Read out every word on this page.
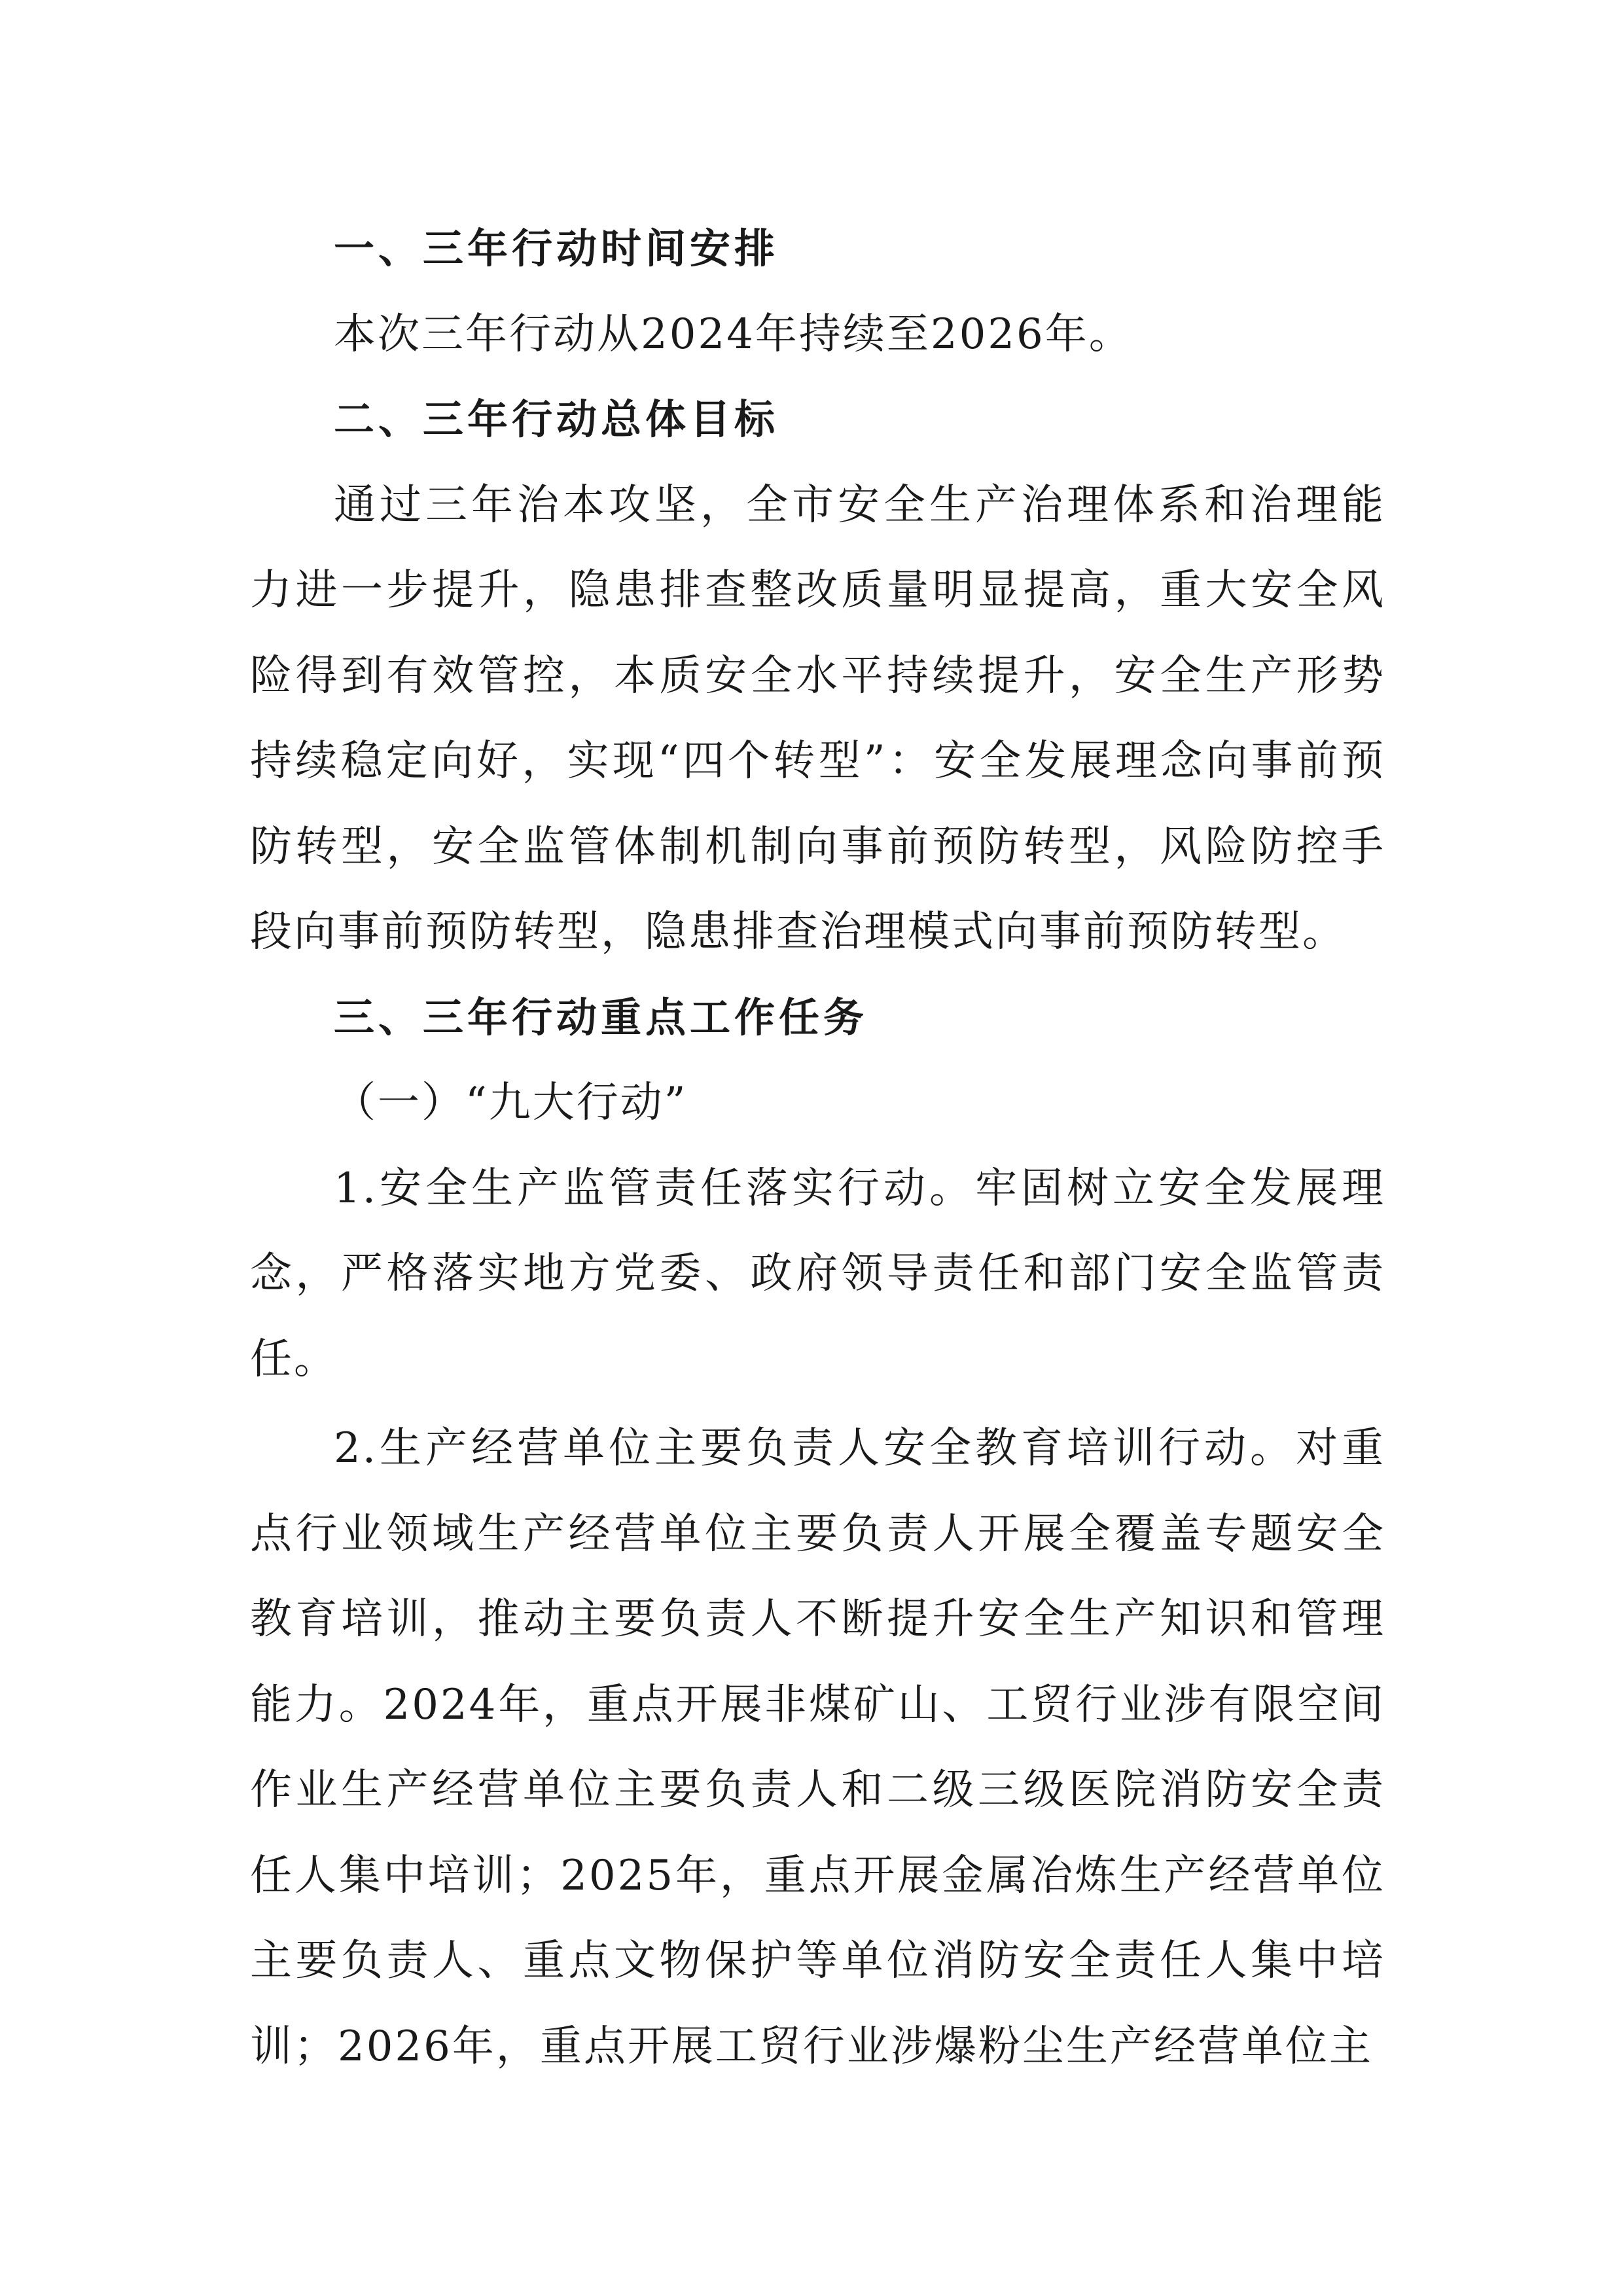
一、三年行动时间安排

本次三年行动从2024年持续至2026年。

二、三年行动总体目标

通过三年治本攻坚，全市安全生产治理体系和治理能力进一步提升，隐患排查整改质量明显提高，重大安全风险得到有效管控，本质安全水平持续提升，安全生产形势持续稳定向好，实现“四个转型”：安全发展理念向事前预防转型，安全监管体制机制向事前预防转型，风险防控手段向事前预防转型，隐患排查治理模式向事前预防转型。

三、三年行动重点工作任务

（一）“九大行动”

1.安全生产监管责任落实行动。牢固树立安全发展理念，严格落实地方党委、政府领导责任和部门安全监管责任。

2.生产经营单位主要负责人安全教育培训行动。对重点行业领域生产经营单位主要负责人开展全覆盖专题安全教育培训，推动主要负责人不断提升安全生产知识和管理能力。2024年，重点开展非煤矿山、工贸行业涉有限空间作业生产经营单位主要负责人和二级三级医院消防安全责任人集中培训；2025年，重点开展金属冶炼生产经营单位主要负责人、重点文物保护等单位消防安全责任人集中培训；2026年，重点开展工贸行业涉爆粉尘生产经营单位主
